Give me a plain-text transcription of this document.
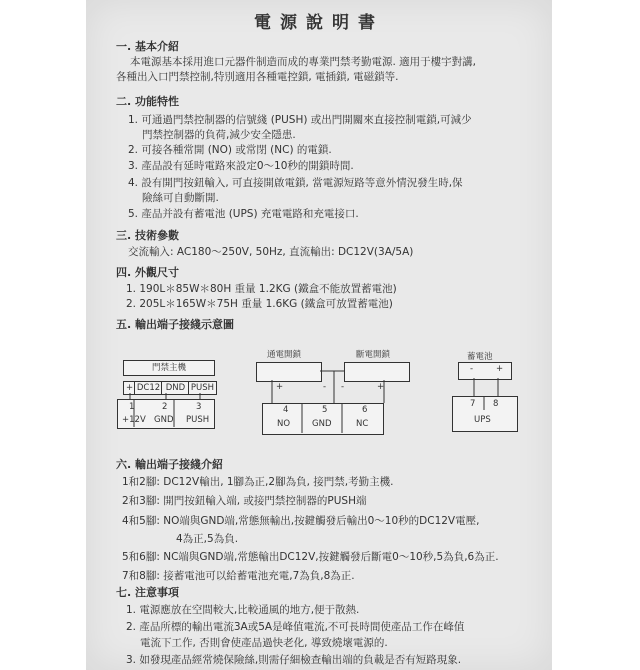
電源說明書
一. 基本介紹
本電源基本採用進口元器件制造而成的專業門禁考勤電源. 適用于樓宇對講,
各種出入口門禁控制,特別適用各種電控鎖, 電插鎖, 電磁鎖等.
二. 功能特性
1. 可通過門禁控制器的信號綫 (PUSH) 或出門開關來直接控制電鎖,可減少
門禁控制器的負荷,減少安全隱患.
2. 可接各種常開 (NO) 或常閉 (NC) 的電鎖.
3. 產品設有延時電路來設定0～10秒的開鎖時間.
4. 設有開門按鈕輸入, 可直接開啟電鎖, 當電源短路等意外情況發生時,保
險絲可自動斷開.
5. 產品并設有蓄電池 (UPS) 充電電路和充電接口.
三. 技術參數
交流輸入: AC180～250V, 50Hz, 直流輸出: DC12V(3A/5A)
四. 外觀尺寸
1. 190L＊85W＊80H 重量 1.2KG (鐵盒不能放置蓄電池)
2. 205L＊165W＊75H 重量 1.6KG (鐵盒可放置蓄電池)
五. 輸出端子接綫示意圖
門禁主機
+ DC12 DND PUSH
1
+12V
2
GND
3
PUSH
通電開鎖	斷電開鎖
+	- -	+
4
NO
5
GND
6
NC
蓄電池
-	+
7 8
UPS
六. 輸出端子接綫介紹
1和2腳: DC12V輸出, 1腳為正,2腳為負, 接門禁,考勤主機.
2和3腳: 開門按鈕輸入端, 或接門禁控制器的PUSH端
4和5腳: NO端與GND端,常態無輸出,按鍵觸發后輸出0～10秒的DC12V電壓,
4為正,5為負.
5和6腳: NC端與GND端,常態輸出DC12V,按鍵觸發后斷電0～10秒,5為負,6為正.
7和8腳: 接蓄電池可以給蓄電池充電,7為負,8為正.
七. 注意事項
1. 電源應放在空間較大,比較通風的地方,便于散熱.
2. 產品所標的輸出電流3A或5A是峰值電流,不可長時間使產品工作在峰值
電流下工作, 否則會使產品過快老化, 導致燒壞電源的.
3. 如發現產品經常燒保險絲,則需仔細檢查輸出端的負載是否有短路現象.
